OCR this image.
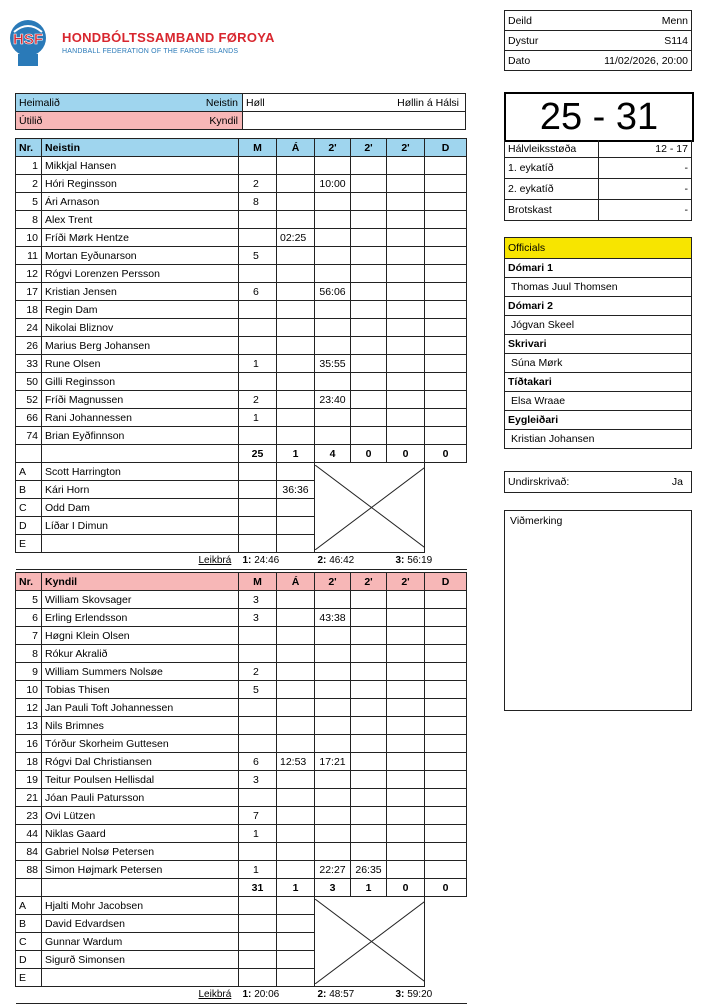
HSF HONDBÓLTSSAMBAND FØROYA
HANDBALL FEDERATION OF THE FAROE ISLANDS
Deild	Menn
Dystur	S114
Dato	11/02/2026, 20:00
Heimalið Neistin	Høll Høllin á Hálsi

Útilið Kyndil	
		25 - 31
Hálvleiksstøða	12 - 17
1. eykatíð	-
2. eykatíð	-
Brotskast	-
Officials
Dómari 1
Thomas Juul Thomsen
Dómari 2
Jógvan Skeel
Skrivari
Súna Mørk
Tíðtakari
Elsa Wraae
Eygleiðari
Kristian Johansen
Undirskrivað:	Ja
Viðmerking
Nr.	Neistin	M	Á	2'	2'	2'	D
1	Mikkjal Hansen						
2	Hóri Reginsson	2		10:00			
5	Ári Arnason	8					
8	Alex Trent						
10	Fríði Mørk Hentze		02:25				
11	Mortan Eyðunarson	5					
12	Rógvi Lorenzen Persson						
17	Kristian Jensen	6		56:06			
18	Regin Dam						
24	Nikolai Bliznov						
26	Marius Berg Johansen						
33	Rune Olsen	1		35:55			
50	Gilli Reginsson						
52	Fríði Magnussen	2		23:40			
66	Rani Johannessen	1					
74	Brian Eyðfinnson						
		25	1	4	0	0	0
A	Scott Harrington			

B	Kári Horn		36:36				
C	Odd Dam						
D	Líðar I Dimun						
E							

Leikbrá 1: 24:46 2: 46:42 3: 56:19							
Nr.	Kyndil	M	Á	2'	2'	2'	D
5	William Skovsager	3					
6	Erling Erlendsson	3		43:38			
7	Høgni Klein Olsen						
8	Rókur Akralið						
9	William Summers Nolsøe	2					
10	Tobias Thisen	5					
12	Jan Pauli Toft Johannessen						
13	Nils Brimnes						
16	Tórður Skorheim Guttesen						
18	Rógvi Dal Christiansen	6	12:53	17:21			
19	Teitur Poulsen Hellisdal	3					
21	Jóan Pauli Patursson						
23	Ovi Lützen	7					
44	Niklas Gaard	1					
84	Gabriel Nolsø Petersen						
88	Simon Højmark Petersen	1		22:27	26:35		
		31	1	3	1	0	0
A	Hjalti Mohr Jacobsen			

B	David Edvardsen						
C	Gunnar Wardum						
D	Sigurð Simonsen						
E							

Leikbrá 1: 20:06 2: 48:57 3: 59:20							
